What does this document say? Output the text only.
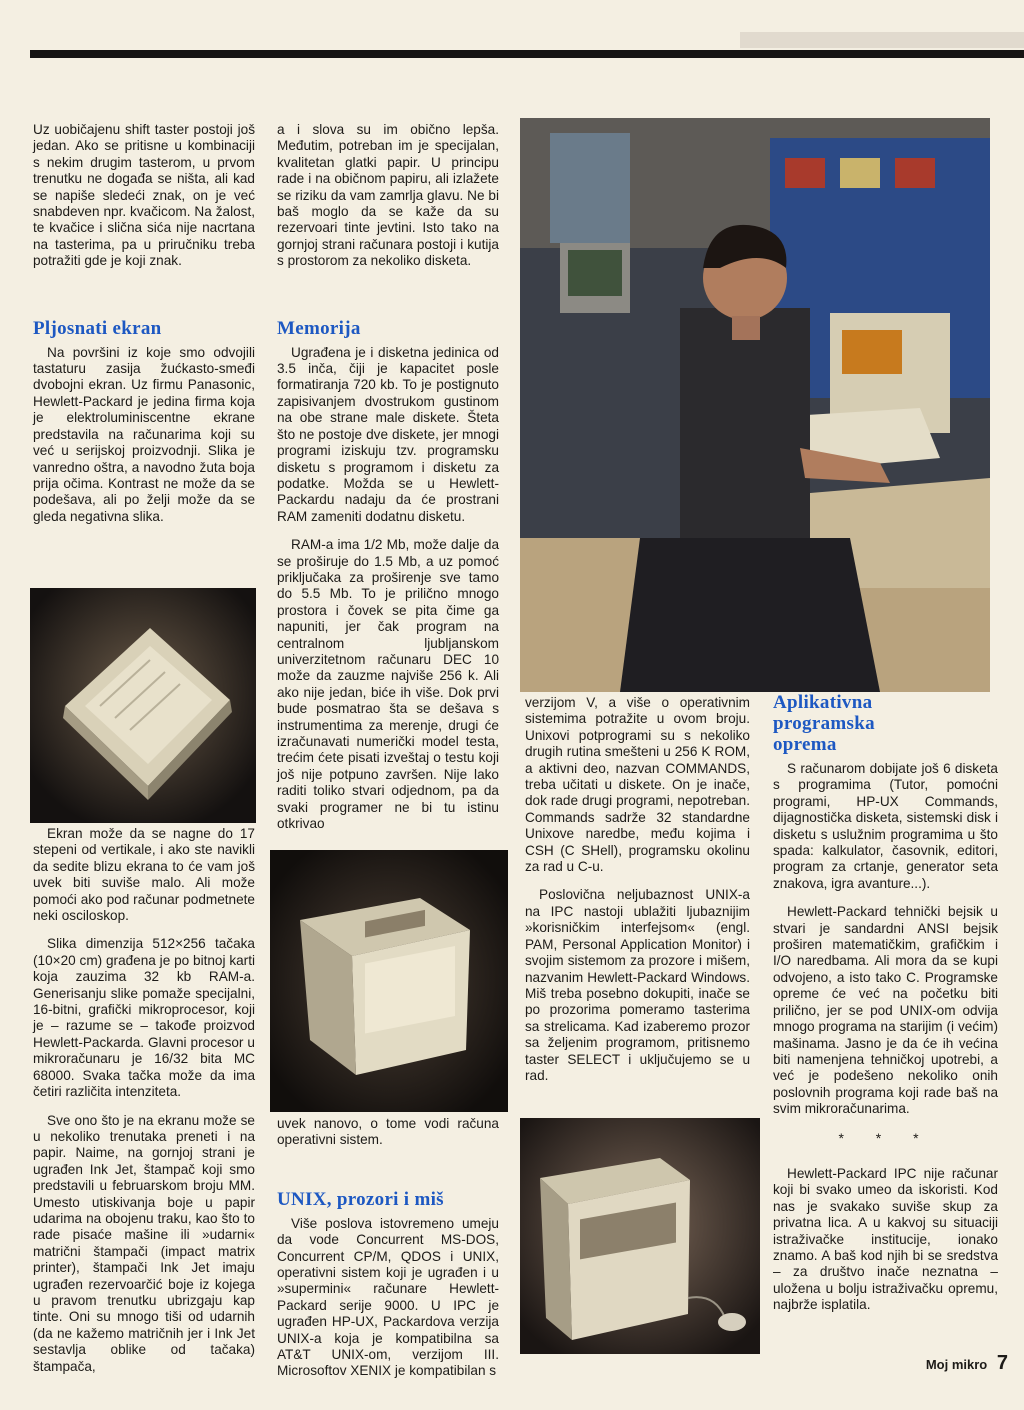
Uz uobičajenu shift taster postoji još jedan. Ako se pritisne u kombinaciji s nekim drugim tasterom, u prvom trenutku ne događa se ništa, ali kad se napiše sledeći znak, on je već snabdeven npr. kvačicom. Na žalost, te kvačice i slična sića nije nacrtana na tasterima, pa u priručniku treba potražiti gde je koji znak.

Pljosnati ekran

Na površini iz koje smo odvojili tastaturu zasija žućkasto-smeđi dvobojni ekran. Uz firmu Panasonic, Hewlett-Packard je jedina firma koja je elektroluminiscentne ekrane predstavila na računarima koji su već u serijskoj proizvodnji. Slika je vanredno oštra, a navodno žuta boja prija očima. Kontrast ne može da se podešava, ali po želji može da se gleda negativna slika.

Ekran može da se nagne do 17 stepeni od vertikale, i ako ste navikli da sedite blizu ekrana to će vam još uvek biti suviše malo. Ali može pomoći ako pod računar podmetnete neki osciloskop.

Slika dimenzija 512×256 tačaka (10×20 cm) građena je po bitnoj karti koja zauzima 32 kb RAM-a. Generisanju slike pomaže specijalni, 16-bitni, grafički mikroprocesor, koji je – razume se – takođe proizvod Hewlett-Packarda. Glavni procesor u mikroračunaru je 16/32 bita MC 68000. Svaka tačka može da ima četiri različita intenziteta.

Sve ono što je na ekranu može se u nekoliko trenutaka preneti i na papir. Naime, na gornjoj strani je ugrađen Ink Jet, štampač koji smo predstavili u februarskom broju MM. Umesto utiskivanja boje u papir udarima na obojenu traku, kao što to rade pisaće mašine ili »udarni« matrični štampači (impact matrix printer), štampači Ink Jet imaju ugrađen rezervoarčić boje iz kojega u pravom trenutku ubrizgaju kap tinte. Oni su mnogo tiši od udarnih (da ne kažemo matričnih jer i Ink Jet sestavlja oblike od tačaka) štampača,

a i slova su im obično lepša. Međutim, potreban im je specijalan, kvalitetan glatki papir. U principu rade i na običnom papiru, ali izlažete se riziku da vam zamrlja glavu. Ne bi baš moglo da se kaže da su rezervoari tinte jevtini. Isto tako na gornjoj strani računara postoji i kutija s prostorom za nekoliko disketa.

Memorija

Ugrađena je i disketna jedinica od 3.5 inča, čiji je kapacitet posle formatiranja 720 kb. To je postignuto zapisivanjem dvostrukom gustinom na obe strane male diskete. Šteta što ne postoje dve diskete, jer mnogi programi iziskuju tzv. programsku disketu s programom i disketu za podatke. Možda se u Hewlett-Packardu nadaju da će prostrani RAM zameniti dodatnu disketu.

RAM-a ima 1/2 Mb, može dalje da se proširuje do 1.5 Mb, a uz pomoć priključaka za proširenje sve tamo do 5.5 Mb. To je prilično mnogo prostora i čovek se pita čime ga napuniti, jer čak program na centralnom ljubljanskom univerzitetnom računaru DEC 10 može da zauzme najviše 256 k. Ali ako nije jedan, biće ih više. Dok prvi bude posmatrao šta se dešava s instrumentima za merenje, drugi će izračunavati numerički model testa, trećim ćete pisati izveštaj o testu koji još nije potpuno završen. Nije lako raditi toliko stvari odjednom, pa da svaki programer ne bi tu istinu otkrivao

uvek nanovo, o tome vodi računa operativni sistem.

UNIX, prozori i miš

Više poslova istovremeno umeju da vode Concurrent MS-DOS, Concurrent CP/M, QDOS i UNIX, operativni sistem koji je ugrađen i u »supermini« računare Hewlett-Packard serije 9000. U IPC je ugrađen HP-UX, Packardova verzija UNIX-a koja je kompatibilna sa AT&T UNIX-om, verzijom III. Microsoftov XENIX je kompatibilan s

verzijom V, a više o operativnim sistemima potražite u ovom broju. Unixovi potprogrami su s nekoliko drugih rutina smešteni u 256 K ROM, a aktivni deo, nazvan COMMANDS, treba učitati u diskete. On je inače, dok rade drugi programi, nepotreban. Commands sadrže 32 standardne Unixove naredbe, među kojima i CSH (C SHell), programsku okolinu za rad u C-u.

Poslovična neljubaznost UNIX-a na IPC nastoji ublažiti ljubaznijim »korisničkim interfejsom« (engl. PAM, Personal Application Monitor) i svojim sistemom za prozore i mišem, nazvanim Hewlett-Packard Windows. Miš treba posebno dokupiti, inače se po prozorima pomeramo tasterima sa strelicama. Kad izaberemo prozor sa željenim programom, pritisnemo taster SELECT i uključujemo se u rad.

Aplikativna programska oprema

S računarom dobijate još 6 disketa s programima (Tutor, pomoćni programi, HP-UX Commands, dijagnostička disketa, sistemski disk i disketu s uslužnim programima u što spada: kalkulator, časovnik, editori, program za crtanje, generator seta znakova, igra avanture...).

Hewlett-Packard tehnički bejsik u stvari je sandardni ANSI bejsik proširen matematičkim, grafičkim i I/O naredbama. Ali mora da se kupi odvojeno, a isto tako C. Programske opreme će već na početku biti prilično, jer se pod UNIX-om odvija mnogo programa na starijim (i većim) mašinama. Jasno je da će ih većina biti namenjena tehničkoj upotrebi, a već je podešeno nekoliko onih poslovnih programa koji rade baš na svim mikroračunarima.

* * *

Hewlett-Packard IPC nije računar koji bi svako umeo da iskoristi. Kod nas je svakako suviše skup za privatna lica. A u kakvoj su situaciji istraživačke institucije, ionako znamo. A baš kod njih bi se sredstva – za društvo inače neznatna – uložena u bolju istraživačku opremu, najbrže isplatila.

Moj mikro 7
